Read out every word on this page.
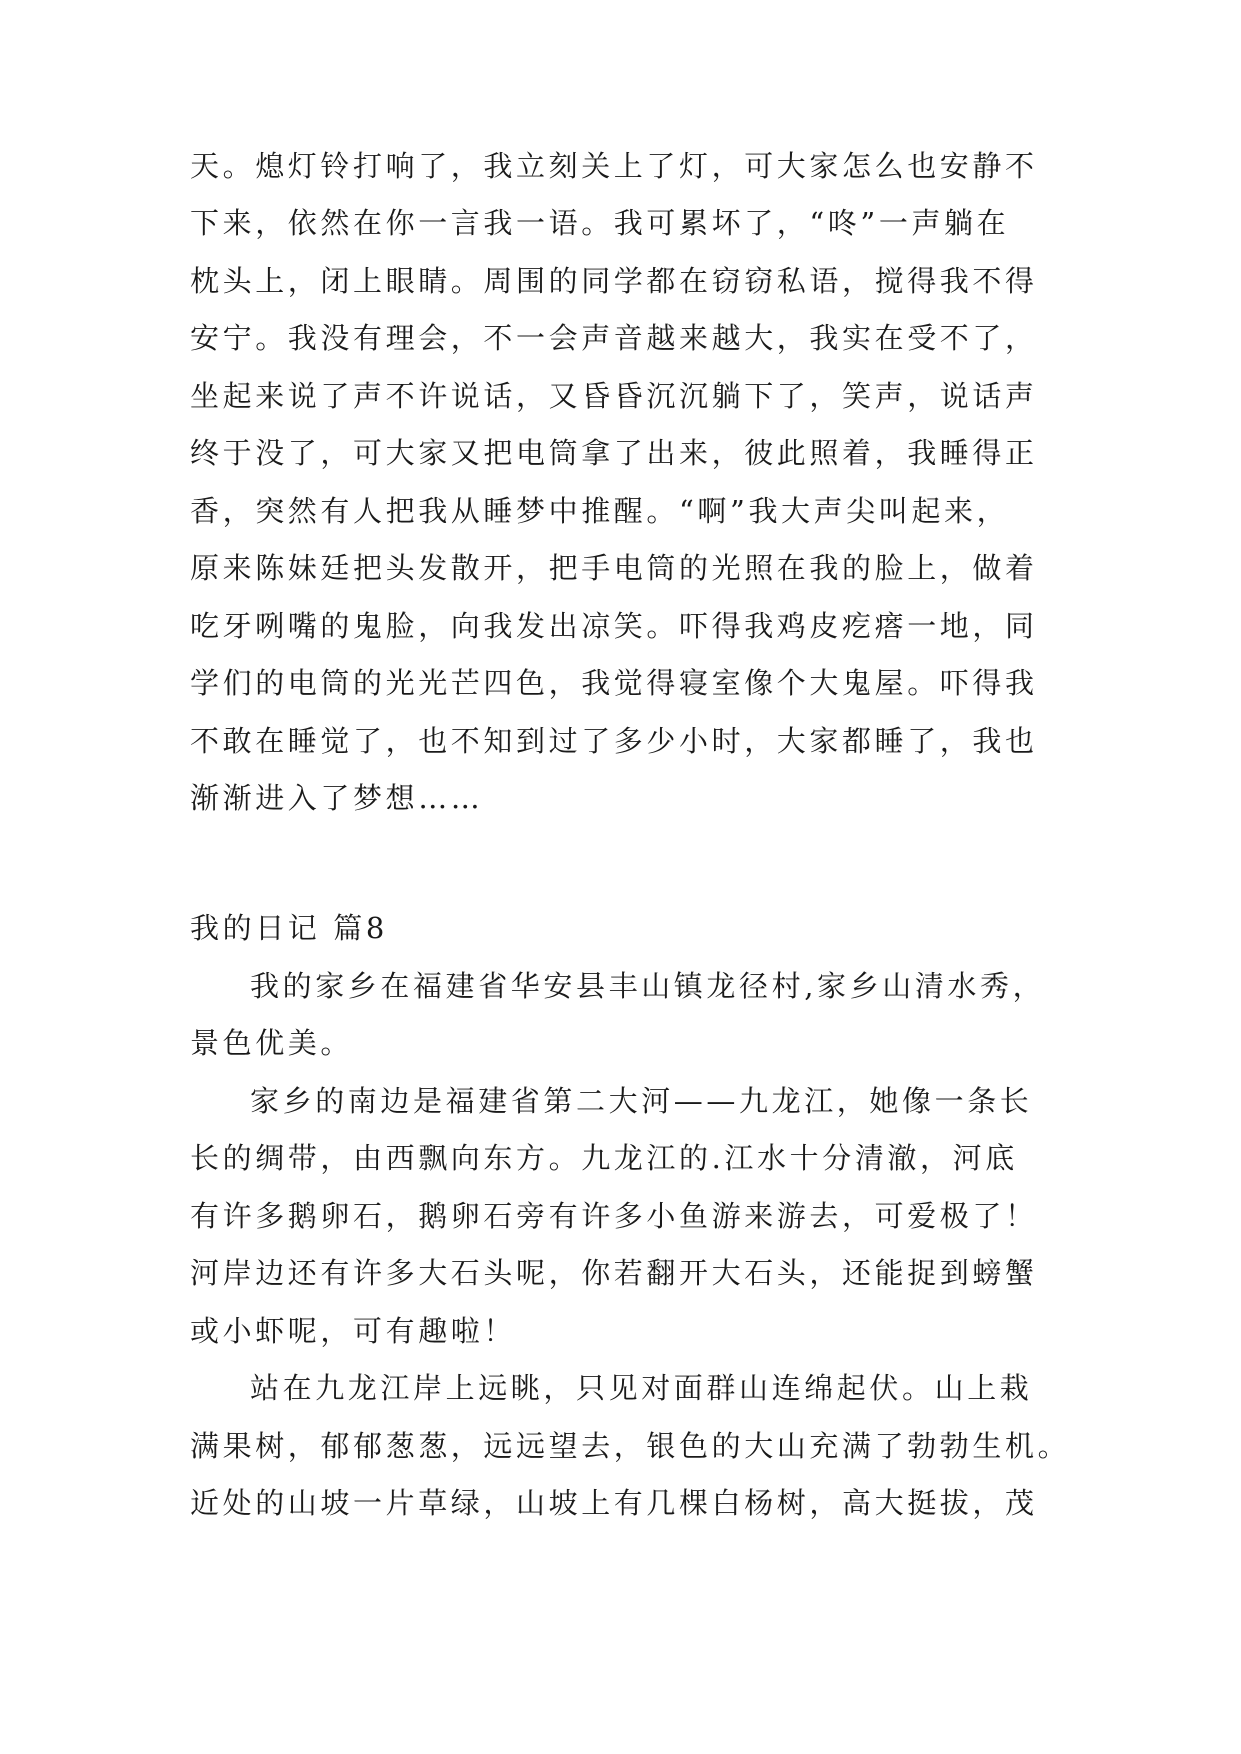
天。熄灯铃打响了，我立刻关上了灯，可大家怎么也安静不
下来，依然在你一言我一语。我可累坏了，“咚”一声躺在
枕头上，闭上眼睛。周围的同学都在窃窃私语，搅得我不得
安宁。我没有理会，不一会声音越来越大，我实在受不了，
坐起来说了声不许说话，又昏昏沉沉躺下了，笑声，说话声
终于没了，可大家又把电筒拿了出来，彼此照着，我睡得正
香，突然有人把我从睡梦中推醒。“啊”我大声尖叫起来，
原来陈妹廷把头发散开，把手电筒的光照在我的脸上，做着
吃牙咧嘴的鬼脸，向我发出凉笑。吓得我鸡皮疙瘩一地，同
学们的电筒的光光芒四色，我觉得寝室像个大鬼屋。吓得我
不敢在睡觉了，也不知到过了多少小时，大家都睡了，我也
渐渐进入了梦想……
我的日记 篇8
我的家乡在福建省华安县丰山镇龙径村,家乡山清水秀，
景色优美。
家乡的南边是福建省第二大河——九龙江，她像一条长
长的绸带，由西飘向东方。九龙江的.江水十分清澈，河底
有许多鹅卵石，鹅卵石旁有许多小鱼游来游去，可爱极了！
河岸边还有许多大石头呢，你若翻开大石头，还能捉到螃蟹
或小虾呢，可有趣啦！
站在九龙江岸上远眺，只见对面群山连绵起伏。山上栽
满果树，郁郁葱葱，远远望去，银色的大山充满了勃勃生机。
近处的山坡一片草绿，山坡上有几棵白杨树，高大挺拔，茂
